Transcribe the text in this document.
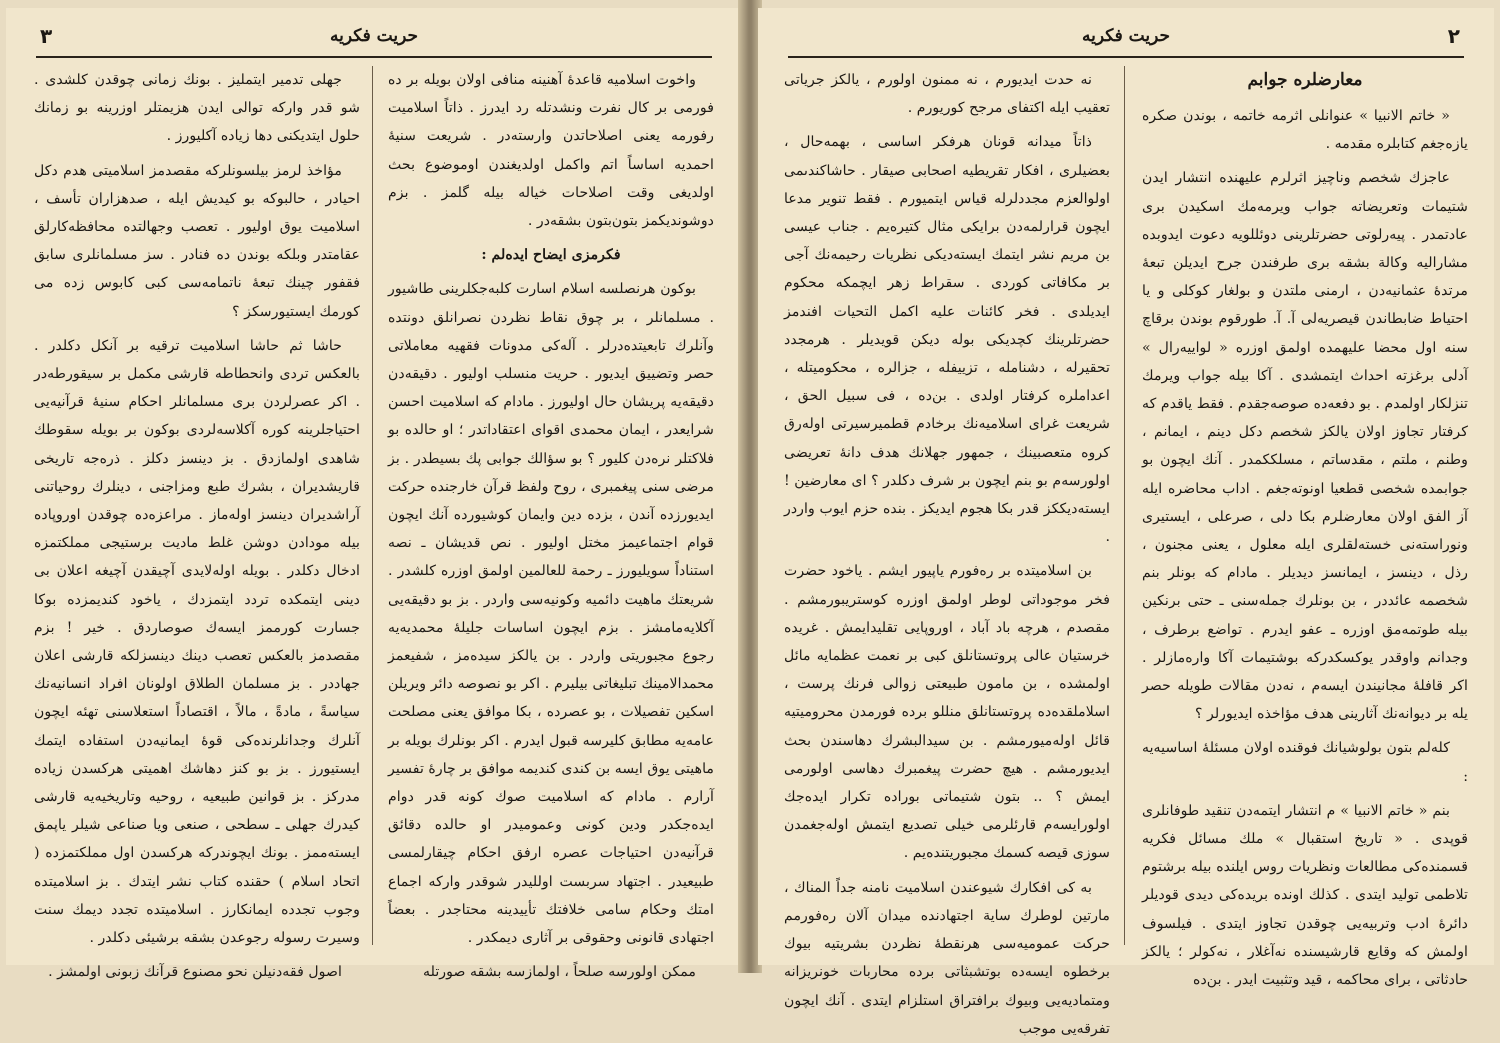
٣	حريت فكريه

واخوت اسلاميه قاعدهٔ آهنينه منافى اولان بويله بر ده فورمى بر كال نفرت ونشدتله رد ايدرز . ذاتاً اسلاميت رفورمه يعنى اصلاحاتدن وارسته‌در . شريعت سنيهٔ احمديه اساساً اتم واكمل اولديغندن اوموضوع بحث اولديغى وقت اصلاحات خياله بيله گلمز . بزم دوشونديكمز بتون‌بتون بشقه‌در .

فكرمزى ايضاح ايدەلم :

بوكون هرنصلسه اسلام اسارت كلبه‌جكلرينى طاشيور . مسلمانلر ، بر چوق نقاط نظردن نصرانلق دونتده وآنلرك تابعيتده‌درلر . آلەكى مدونات فقهيه معاملاتى حصر وتضييق ايديور . حريت منسلب اوليور . دقيقه‌دن دقيقه‌يه پريشان حال اوليورز . مادام كه اسلاميت احسن شرايعدر ، ايمان محمدى اقواى اعتقاداتدر ؛ او حالده بو فلاكتلر نره‌دن كليور ؟ بو سؤالك جوابى پك بسيطدر . بز مرضى سنى پيغمبرى ، روح ولفظ قرآن خارجنده حركت ايديورزده آندن ، بزده دين وايمان كوشيورده آنك ايچون قوام اجتماعيمز مختل اوليور . نص قديشان ـ نصه استناداً سويليورز ـ رحمة للعالمين اولمق اوزره كلشدر . شريعتك ماهيت دائميه وكونيه‌سى واردر . بز بو دقيقه‌يى آكلايه‌مامشز . بزم ايچون اساسات جليلهٔ محمديه‌يه رجوع مجبوريتى واردر . بن يالكز سيده‌مز ، شفيعمز محمدالامينك تبليغاتى بيليرم . اكر بو نصوصه دائر ويريلن اسكين تفصيلات ، بو عصرده ، بكا موافق يعنى مصلحت عامه‌يه مطابق كليرسه قبول ايدرم . اكر بونلرك بويله بر ماهيتى يوق ايسه بن كندى كنديمه موافق بر چارهٔ تفسير آرارم . مادام كه اسلاميت صوك كونه قدر دوام ايده‌جكدر ودين كونى وعمومیدر او حالده دقائق قرآنيه‌دن احتياجات عصره ارفق احكام چيقارلمسى طبيعيدر . اجتهاد سربست اوللیدر شوقدر واركه اجماع امتك وحكام سامى خلافتك تأييدينه محتاجدر . بعضاً اجتهادى قانونى وحقوقى بر آثارى ديمكدر .

ممكن اولورسه صلحاً ، اولمازسه بشقه صورتله

جهلى تدمير ايتمليز . بونك زمانى چوقدن كلشدى . شو قدر واركه توالى ايدن هزيمتلر اوزرينه بو زمانك حلول ايتديكنى دها زياده آكليورز .

مؤاخذ لرمز بيلسونلركه مقصدمز اسلاميتى هدم دكل احيادر ، حالبوكه بو كيديش ايله ، صدهزاران تأسف ، اسلاميت يوق اوليور . تعصب وجهالتده محافظه‌كارلق عقامتدر وبلكه بوندن ده فنادر . سز مسلمانلرى سابق فقفور چينك تبعهٔ ناتمامه‌سى كبى كابوس زده مى كورمك ايستيورسكز ؟

حاشا ثم حاشا اسلاميت ترقيه بر آنكل دكلدر . بالعكس تردى وانحطاطه قارشى مكمل بر سيقورطه‌در . اكر عصرلردن برى مسلمانلر احكام سنيهٔ قرآنيه‌يى احتياجلرينه كوره آكلاسه‌لردى بوكون بر بويله سقوطك شاهدى اولمازدق . بز دينسز دكلز . ذره‌جه تاريخى قاريشديران ، بشرك طبع ومزاجنى ، دينلرك روحياتنى آراشديران دينسز اولەماز . مراعزه‌ده چوقدن اوروپاده بيله مودادن دوشن غلط ماديت برستيجى مملكتمزه ادخال دكلدر . بويله اولەلايدى آچيقدن آچيغه اعلان بى دينى ايتمكده تردد ايتمزدك ، ياخود كنديمزده بوكا جسارت كورممز ايسەك صوصاردق . خير ! بزم مقصدمز بالعكس تعصب دينك دينسزلكه قارشى اعلان جهاددر . بز مسلمان الطلاق اولونان افراد انسانيه‌نك سياسةً ، مادةً ، مالاً ، اقتصاداً استعلاسنى تهئه ايچون آنلرك وجدانلرنده‌كى قوهٔ ايمانيه‌دن استفاده ايتمك ايستيورز . بز بو كنز دهاشك اهميتى هركسدن زياده مدركز . بز قوانين طبيعيه ، روحيه وتاريخيه‌يه قارشى كيدرك جهلى ـ سطحى ، صنعى ويا صناعى شيلر ياپمق ايستەممز . بونك ايچوندركه هركسدن اول مملكتمزده ( اتحاد اسلام ) حقنده كتاب نشر ايتدك . بز اسلاميتده وجوب تجدده ايمانكارز . اسلاميتده تجدد ديمك سنت وسيرت رسوله رجوعدن بشقه برشيئى دكلدر .

اصول فقه‌دنيلن نحو مصنوع قرآنك زبونى اولمشز .

٢
حريت فكريه
معارضلره جوابم

« خاتم الانبيا » عنوانلى اثرمه خاتمه ، بوندن صكره يازه‌جغم كتابلره مقدمه .

عاجزك شخصم وناچيز اثرلرم عليهنده انتشار ايدن شتيمات وتعريضاته جواب ويرمەمك اسكيدن برى عادتمدر . پيه‌رلوتى حضرتلرينى دوئللويه دعوت ايدوبده مشاراليه وكالة بشقه برى طرفندن جرح ايديلن تبعهٔ مرتدهٔ عثمانيه‌دن ، ارمنى ملتدن و بولغار كوكلى و يا احتياط ضابطاندن قيصريه‌لى آ. آ. طورقوم بوندن برقاچ سنه اول محضا عليهمده اولمق اوزره « لواييه‌رال » آدلى برغزته احداث ايتمشدى . آكا بيله جواب ويرمك تنزلكار اولمدم . بو دفعه‌ده صوصه‌جقدم . فقط ياقدم كه كرفتار تجاوز اولان يالكز شخصم دكل دينم ، ايمانم ، وطنم ، ملتم ، مقدساتم ، مسلككمدر . آنك ايچون بو جوابمده شخصى قطعيا اونوته‌جغم . اداب محاضره ايله آز الفق اولان معارضلرم بكا دلى ، صرعلى ، ايستيرى ونوراستەنى خسته‌لقلرى ايله معلول ، يعنى مجنون ، رذل ، دينسز ، ايمانسز ديديلر . مادام كه بونلر بنم شخصمه عائددر ، بن بونلرك جمله‌سنى ـ حتى برنكين بيله طوتمەمق اوزره ـ عفو ايدرم . تواضع برطرف ، وجدانم واوقدر يوكسكدركه بوشتيمات آكا وارەمازلر . اكر قافلهٔ مجانيندن ايسه‌م ، نه‌دن مقالات طويله حصر يله بر ديوانه‌نك آثارينى هدف مؤاخذه ايديورلر ؟

كلەلم بتون بولوشيانك فوقنده اولان مسئلهٔ اساسيه‌يه :

بنم « خاتم الانبيا » م انتشار ايتمه‌دن تنقيد طوفانلرى قوپدى . « تاريخ استقبال » ملك مسائل فكريه قسمنده‌كى مطالعات ونظريات روس ايلنده بيله برشتوم تلاطمى توليد ايتدى . كذلك اونده بريده‌كى ديدى قوديلر دائرهٔ ادب وتربيه‌يى چوقدن تجاوز ايتدى . فيلسوف اولمش كه وقايع قارشيسنده نه‌آغلار ، نه‌كولر ؛ يالكز حادثاتى ، براى محاكمه ، قيد وتثبيت ايدر . بن‌ده

نه حدت ايديورم ، نه ممنون اولورم ، يالكز جرياتى تعقيب ايله اكتفاى مرجح كوريورم .

ذاتاً ميدانه قونان هرفكر اساسى ، بهمه‌حال ، بعضيلرى ، افكار تقريطيه اصحابى صيقار . حاشاكندىمى اولوالعزم مجددلرله قياس ايتميورم . فقط تنوير مدعا ايچون قرارلمه‌دن برايكى مثال كتيرەيم . جناب عيسى بن مريم نشر ايتمك ايسته‌ديكى نظريات رحيمه‌نك آجى بر مكافاتى كوردى . سقراط زهر ايچمكه محكوم ايديلدى . فخر كائنات عليه اكمل التحيات افندمز حضرتلرينك كچديكى بوله ديكن قويديلر . هرمجدد تحقيرله ، دشنامله ، تزييفله ، جزالره ، محكوميتله ، اعداملره كرفتار اولدى . بن‌ده ، فى سبيل الحق ، شريعت غراى اسلاميه‌نك برخادم قطميرسيرتى اولەرق كروه متعصبينك ، جمهور جهلانك هدف دانهٔ تعريضى اولورسەم بو بنم ايچون بر شرف دكلدر ؟ اى معارضين ! ايسته‌ديككز قدر بكا هجوم ايديكز . بنده حزم ايوب واردر .

بن اسلاميتده بر رەفورم ياپيور ايشم . ياخود حضرت فخر موجوداتى لوطر اولمق اوزره كوستريبورمشم . مقصدم ، هرچه باد آباد ، اوروپايى تقليدايمش . غريده خرستيان عالى پروتستانلق كبى بر نعمت عظمايه مائل اولمشده ، بن مامون طبيعتى زوالى فرنك پرست ، اسلاملقده‌ده پروتستانلق منللو برده فورمدن محرومیتيه قائل اوله‌ميورمشم . بن سيدالبشرك دهاسندن بحث ايديورمشم . هيچ حضرت پيغمبرك دهاسى اولورمى ايمش ؟ .. بتون شتيماتى بوراده تكرار ايده‌جك اولورايسه‌م قارئلرمى خيلى تصديع ايتمش اوله‌جغمدن سوزى قيصه كسمك مجبوريتنده‌يم .

بە كى افكارك شيوعندن اسلاميت نامنه جداً المناك ، مارتين لوطرك ساية اجتهادنده ميدان آلان رەفورمم حركت عموميه‌سى هرنقطهٔ نظردن بشريتيه بيوك برخطوه ايسه‌ده بوتشبثاتى برده محاربات خونريزانه ومتماديه‌يى وبيوك برافتراق استلزام ايتدى . آنك ايچون تفرقه‌يى موجب
